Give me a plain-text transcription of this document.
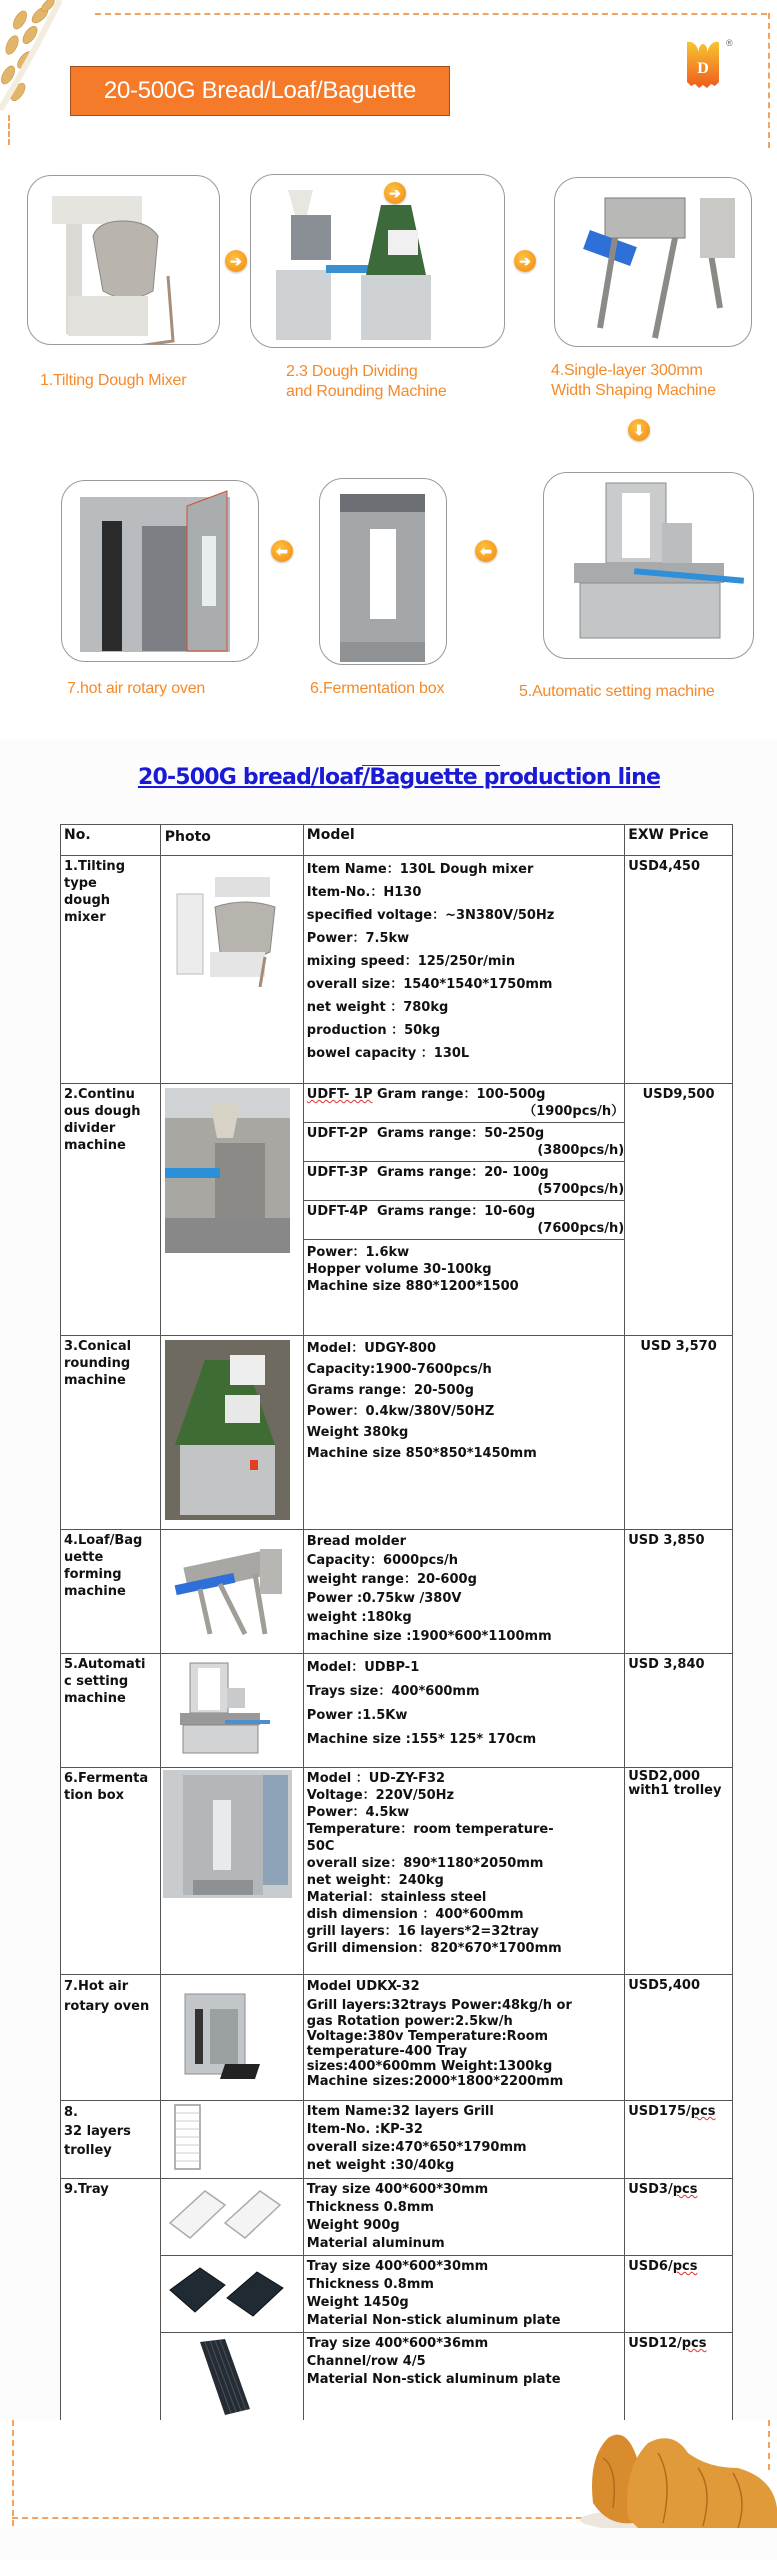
20-500G Bread/Loaf/Baguette Production Line
D
®
➔
➔
➔
1.Tilting Dough Mixer
2.3 Dough Dividing
and Rounding Machine
4.Single-layer 300mm
Width Shaping Machine
⬇
⬅	⬅
7.hot air rotary oven	6.Fermentation box	5.Automatic setting machine
20-500G bread/loaf/Baguette production line
No.	Photo	Model	EXW Price

1.Tilting
type
dough
mixer

Item Name：130L Dough mixer
Item-No.：H130
specified voltage：~3N380V/50Hz
Power：7.5kw
mixing speed：125/250r/min
overall size：1540*1540*1750mm
net weight ：780kg
production ：50kg
bowel capacity ：130L
	USD4,450

2.Continu
ous dough
divider
machine

UDFT- 1P Gram range：100-500g
（1900pcs/h）

UDFT-2P Grams range：50-250g
(3800pcs/h)

UDFT-3P Grams range：20- 100g
(5700pcs/h)

UDFT-4P Grams range：10-60g
(7600pcs/h)

Power：1.6kw
Hopper volume 30-100kg
Machine size 880*1200*1500
	USD9,500

3.Conical
rounding
machine

Model：UDGY-800
Capacity:1900-7600pcs/h
Grams range：20-500g
Power：0.4kw/380V/50HZ
Weight 380kg
Machine size 850*850*1450mm
	USD 3,570

4.Loaf/Bag
uette
forming
machine

Bread molder
Capacity：6000pcs/h
weight range：20-600g
Power :0.75kw /380V
weight :180kg
machine size :1900*600*1100mm
	USD 3,850

5.Automati
c setting
machine

Model：UDBP-1
Trays size：400*600mm
Power :1.5Kw
Machine size :155* 125* 170cm
	USD 3,840

6.Fermenta
tion box

Model ：UD-ZY-F32
Voltage：220V/50Hz
Power：4.5kw
Temperature：room temperature-
50C
overall size：890*1180*2050mm
net weight：240kg
Material：stainless steel
dish dimension ：400*600mm
grill layers：16 layers*2=32tray
Grill dimension：820*670*1700mm

USD2,000
with1 trolley

7.Hot air
rotary oven

Model UDKX-32
Grill layers:32trays Power:48kg/h or
gas Rotation power:2.5kw/h
Voltage:380v Temperature:Room
temperature-400 Tray
sizes:400*600mm Weight:1300kg
Machine sizes:2000*1800*2200mm
	USD5,400

8.
32 layers
trolley

Item Name:32 layers Grill
Item-No. :KP-32
overall size:470*650*1790mm
net weight :30/40kg
	USD175/pcs
9.Tray		Tray size 400*600*30mm
Thickness 0.8mm
Weight 900g
Material aluminum
	USD3/pcs

Tray size 400*600*30mm
Thickness 0.8mm
Weight 1450g
Material Non-stick aluminum plate
	USD6/pcs

Tray size 400*600*36mm
Channel/row 4/5
Material Non-stick aluminum plate
	USD12/pcs
